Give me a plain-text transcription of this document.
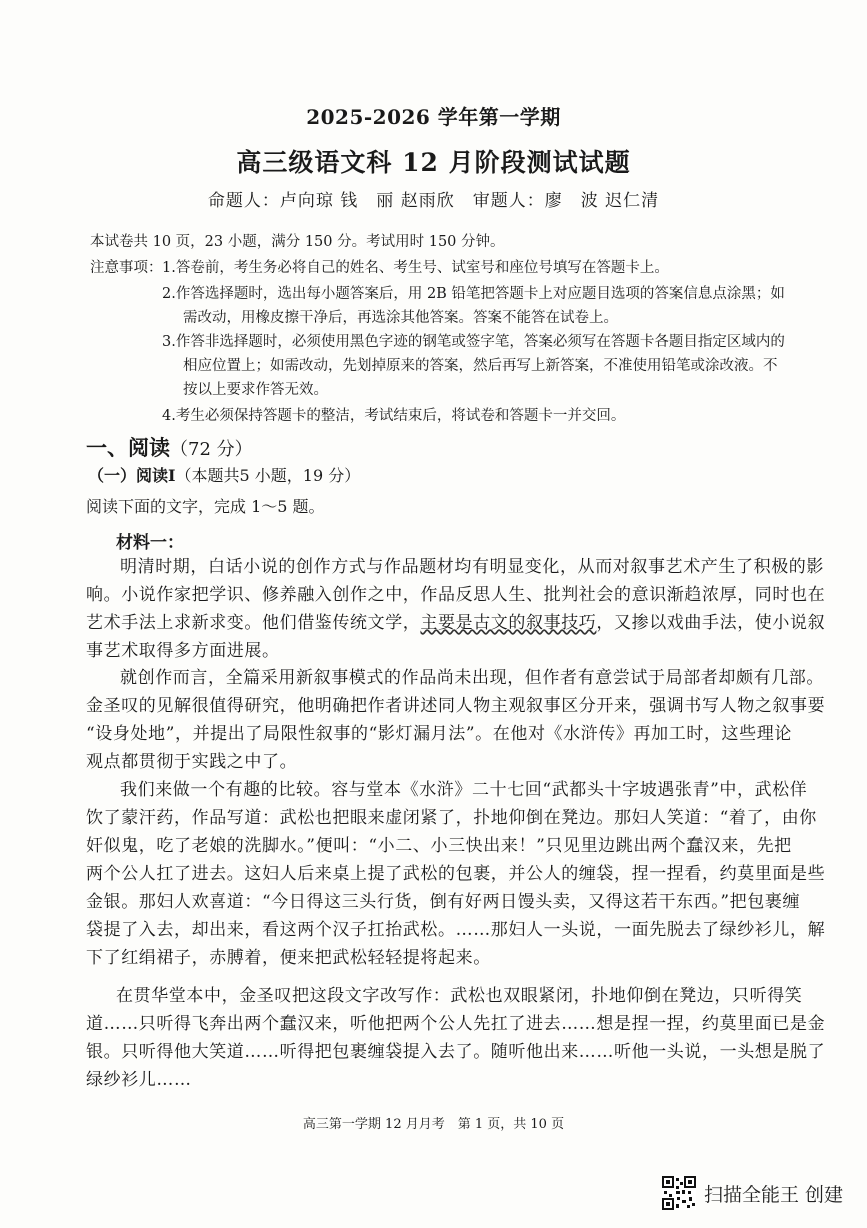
2025-2026 学年第一学期
高三级语文科 12 月阶段测试试题
命题人：卢向琼 钱　丽 赵雨欣　审题人：廖　波 迟仁清
本试卷共 10 页，23 小题，满分 150 分。考试用时 150 分钟。
注意事项： 1.答卷前，考生务必将自己的姓名、考生号、试室号和座位号填写在答题卡上。
2.作答选择题时，选出每小题答案后，用 2B 铅笔把答题卡上对应题目选项的答案信息点涂黑；如
需改动，用橡皮擦干净后，再选涂其他答案。答案不能答在试卷上。
3.作答非选择题时，必须使用黑色字迹的钢笔或签字笔，答案必须写在答题卡各题目指定区域内的
相应位置上；如需改动，先划掉原来的答案，然后再写上新答案，不准使用铅笔或涂改液。不
按以上要求作答无效。
4.考生必须保持答题卡的整洁，考试结束后，将试卷和答题卡一并交回。
一、阅读（72 分）
（一）阅读Ⅰ（本题共5 小题，19 分）
阅读下面的文字，完成 1～5 题。
材料一：
明清时期，白话小说的创作方式与作品题材均有明显变化，从而对叙事艺术产生了积极的影
响。小说作家把学识、修养融入创作之中，作品反思人生、批判社会的意识渐趋浓厚，同时也在
艺术手法上求新求变。他们借鉴传统文学，主要是古文的叙事技巧，又掺以戏曲手法，使小说叙
事艺术取得多方面进展。
就创作而言，全篇采用新叙事模式的作品尚未出现，但作者有意尝试于局部者却颇有几部。
金圣叹的见解很值得研究，他明确把作者讲述同人物主观叙事区分开来，强调书写人物之叙事要
“设身处地”，并提出了局限性叙事的“影灯漏月法”。在他对《水浒传》再加工时，这些理论
观点都贯彻于实践之中了。
我们来做一个有趣的比较。容与堂本《水浒》二十七回“武都头十字坡遇张青”中，武松佯
饮了蒙汗药，作品写道：武松也把眼来虚闭紧了，扑地仰倒在凳边。那妇人笑道：“着了，由你
奸似鬼，吃了老娘的洗脚水。”便叫：“小二、小三快出来！”只见里边跳出两个蠢汉来，先把
两个公人扛了进去。这妇人后来桌上提了武松的包裹，并公人的缠袋，捏一捏看，约莫里面是些
金银。那妇人欢喜道：“今日得这三头行货，倒有好两日馒头卖，又得这若干东西。”把包裹缠
袋提了入去，却出来，看这两个汉子扛抬武松。……那妇人一头说，一面先脱去了绿纱衫儿，解
下了红绢裙子，赤膊着，便来把武松轻轻提将起来。
在贯华堂本中，金圣叹把这段文字改写作：武松也双眼紧闭，扑地仰倒在凳边，只听得笑
道……只听得飞奔出两个蠢汉来，听他把两个公人先扛了进去……想是捏一捏，约莫里面已是金
银。只听得他大笑道……听得把包裹缠袋提入去了。随听他出来……听他一头说，一头想是脱了
绿纱衫儿……
高三第一学期 12 月月考　第 1 页，共 10 页
扫描全能王 创建
